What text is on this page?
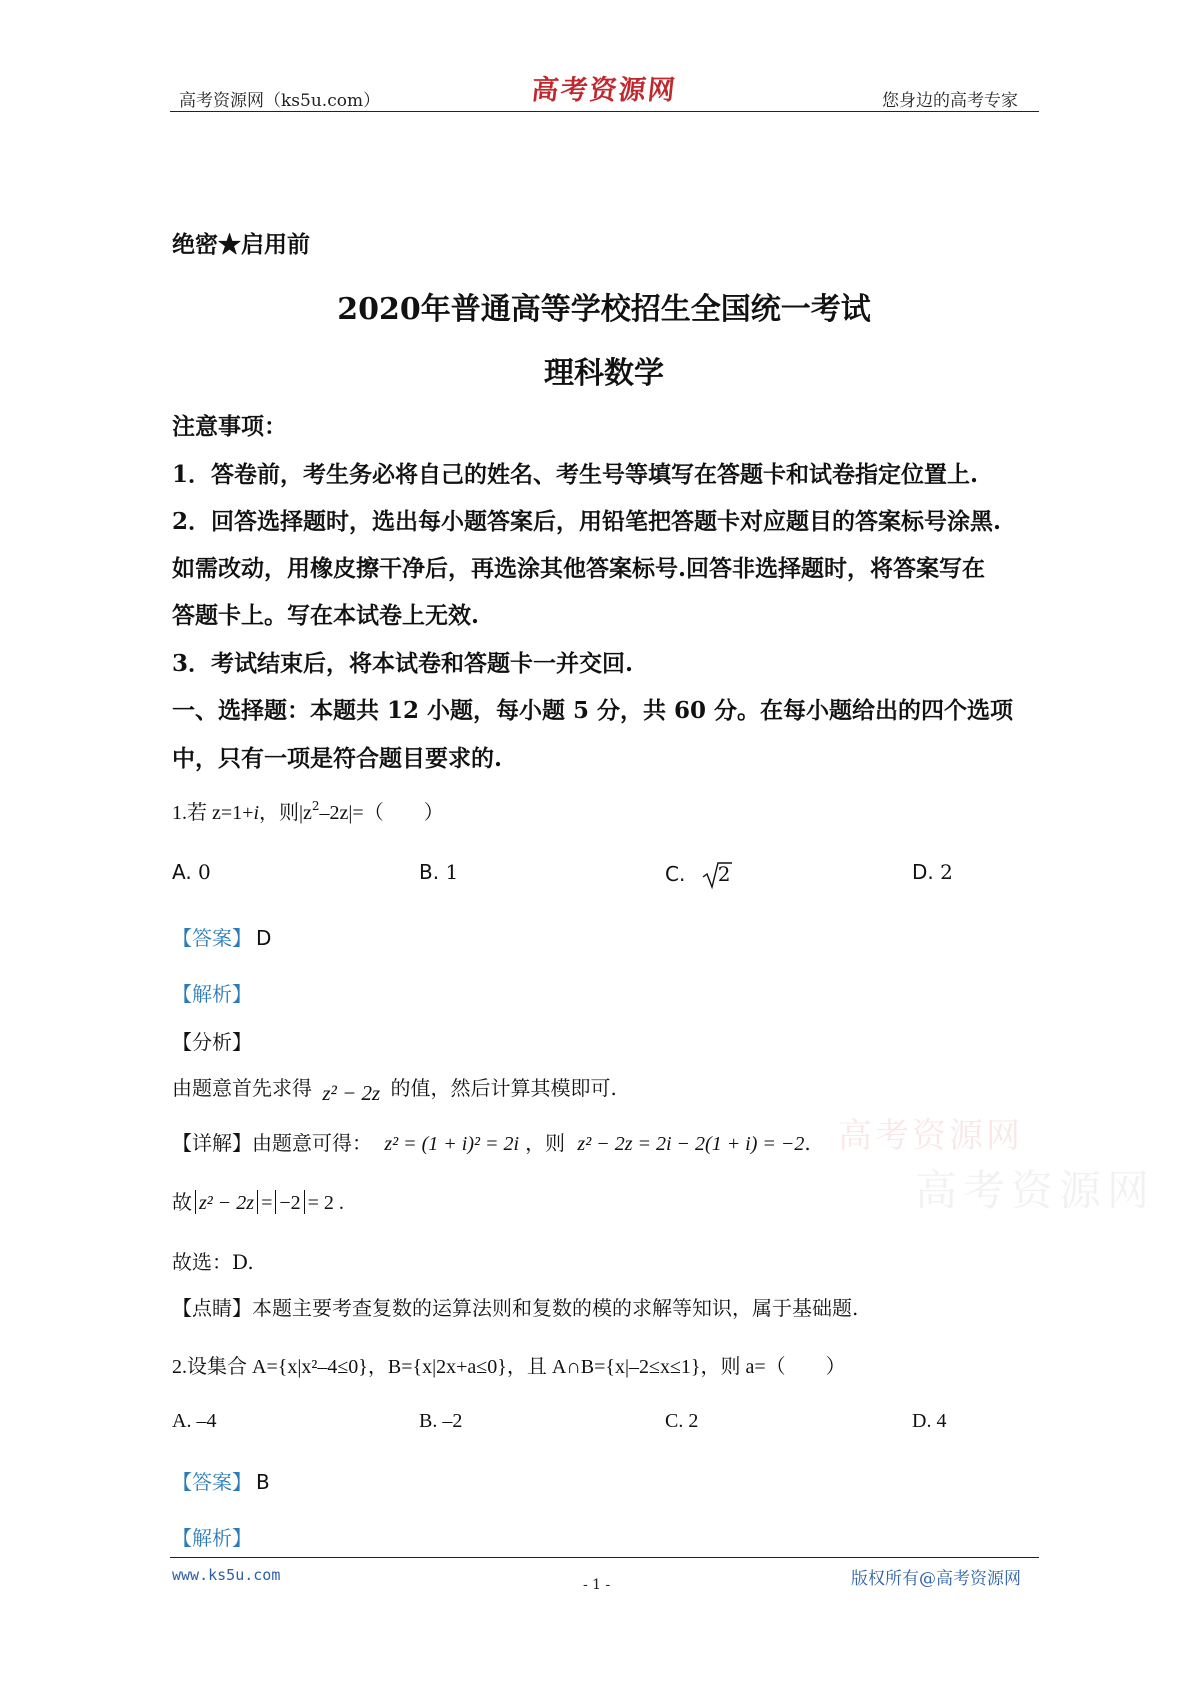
高考资源网（ks5u.com）	高考资源网	您身边的高考专家
绝密★启用前
2020年普通高等学校招生全国统一考试
理科数学
注意事项：
1．答卷前，考生务必将自己的姓名、考生号等填写在答题卡和试卷指定位置上.
2．回答选择题时，选出每小题答案后，用铅笔把答题卡对应题目的答案标号涂黑.
如需改动，用橡皮擦干净后，再选涂其他答案标号.回答非选择题时，将答案写在
答题卡上。写在本试卷上无效.
3．考试结束后，将本试卷和答题卡一并交回.
一、选择题：本题共 12 小题，每小题 5 分，共 60 分。在每小题给出的四个选项
中，只有一项是符合题目要求的.
1.若 z=1+i，则$|z^2-2z|=$（　　）
A. 0	B. 1	C. 2	D. 2
【答案】 D
【解析】
【分析】
由题意首先求得 z² − 2z 的值，然后计算其模即可.
【详解】由题意可得： z² = (1 + i)² = 2i ，则 z² − 2z = 2i − 2(1 + i) = −2.
故 z² − 2z = −2 = 2 .
故选：D.
【点睛】本题主要考查复数的运算法则和复数的模的求解等知识，属于基础题.
高考资源网
高考资源网
2.设集合 A={x|x²–4≤0}，B={x|2x+a≤0}，且 A∩B={x|–2≤x≤1}，则 a=（　　）
A. –4	B. –2	C. 2	D. 4
【答案】 B
【解析】
www.ks5u.com
- 1 -	版权所有@高考资源网
